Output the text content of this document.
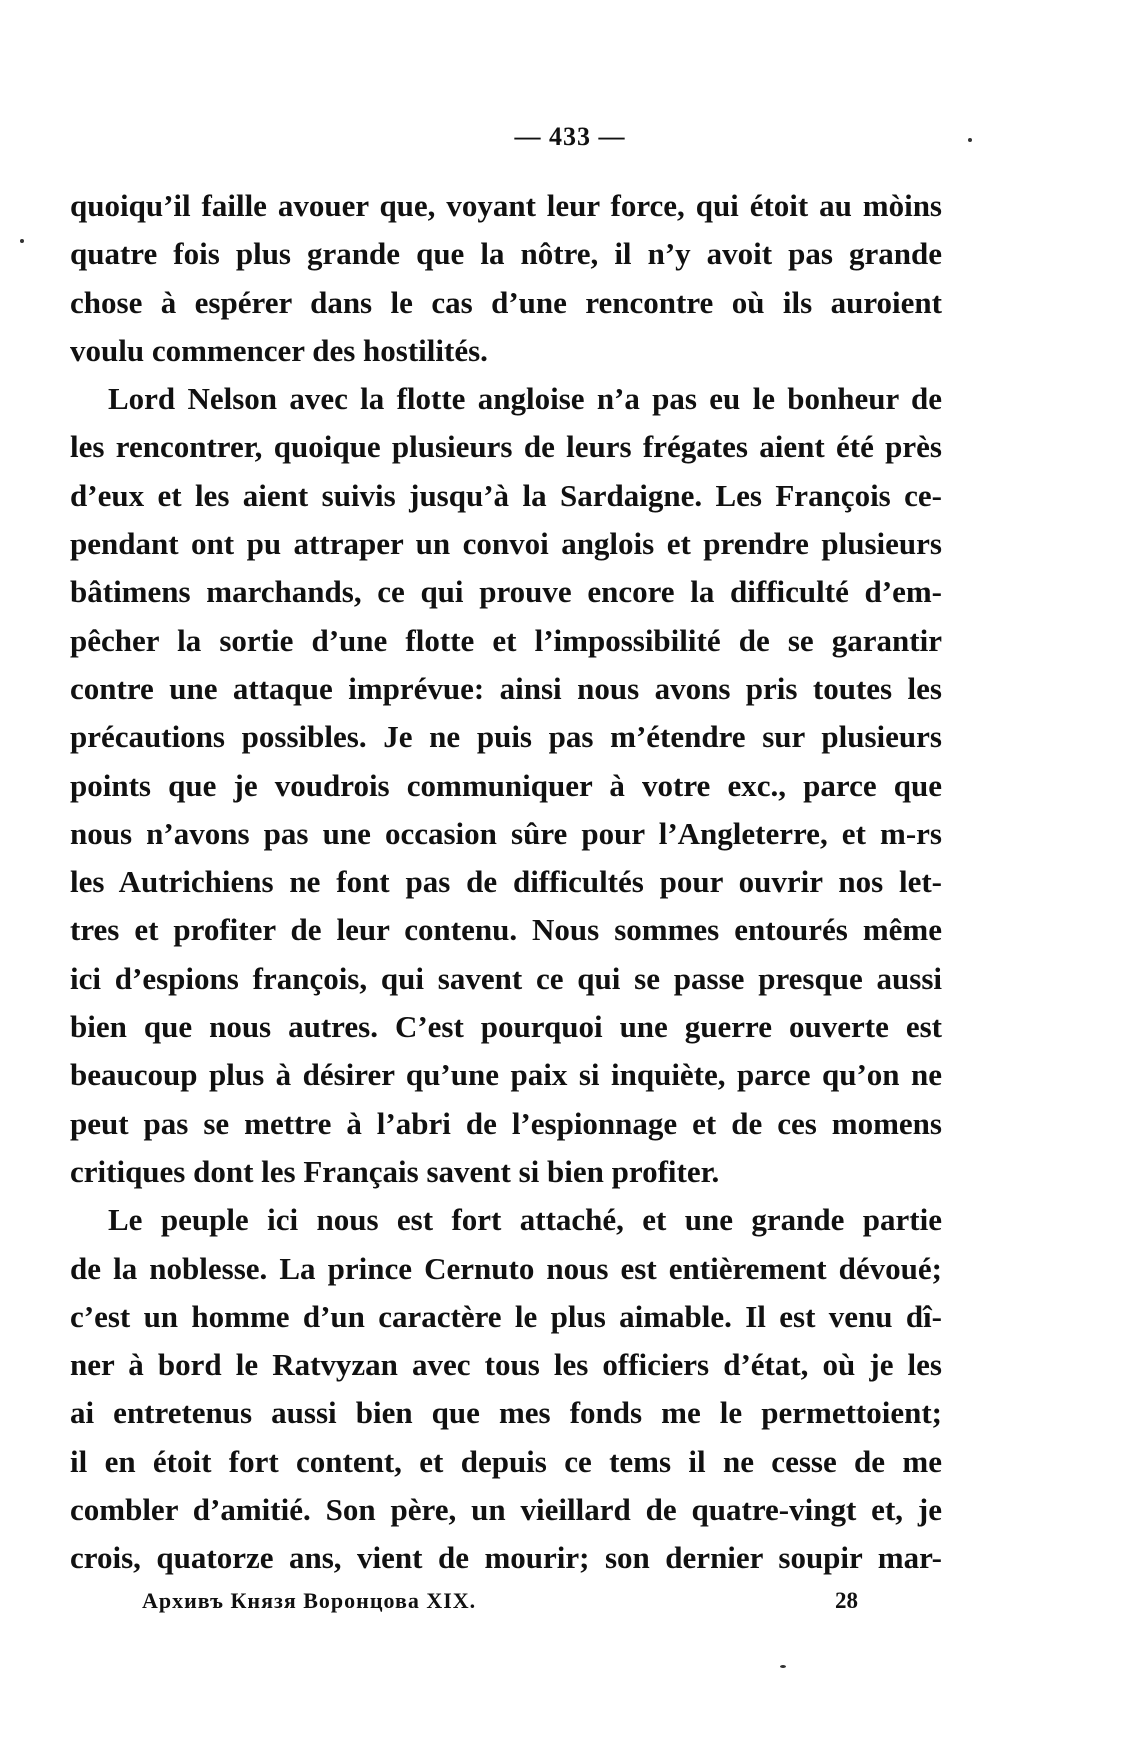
— 433 —
quoiqu’il faille avouer que, voyant leur force, qui étoit au mòins
quatre fois plus grande que la nôtre, il n’y avoit pas grande
chose à espérer dans le cas d’une rencontre où ils auroient
voulu commencer des hostilités.
Lord Nelson avec la flotte angloise n’a pas eu le bonheur de
les rencontrer, quoique plusieurs de leurs frégates aient été près
d’eux et les aient suivis jusqu’à la Sardaigne. Les François ce-
pendant ont pu attraper un convoi anglois et prendre plusieurs
bâtimens marchands, ce qui prouve encore la difficulté d’em-
pêcher la sortie d’une flotte et l’impossibilité de se garantir
contre une attaque imprévue: ainsi nous avons pris toutes les
précautions possibles. Je ne puis pas m’étendre sur plusieurs
points que je voudrois communiquer à votre exc., parce que
nous n’avons pas une occasion sûre pour l’Angleterre, et m-rs
les Autrichiens ne font pas de difficultés pour ouvrir nos let-
tres et profiter de leur contenu. Nous sommes entourés même
ici d’espions françois, qui savent ce qui se passe presque aussi
bien que nous autres. C’est pourquoi une guerre ouverte est
beaucoup plus à désirer qu’une paix si inquiète, parce qu’on ne
peut pas se mettre à l’abri de l’espionnage et de ces momens
critiques dont les Français savent si bien profiter.
Le peuple ici nous est fort attaché, et une grande partie
de la noblesse. La prince Cernuto nous est entièrement dévoué;
c’est un homme d’un caractère le plus aimable. Il est venu dî-
ner à bord le Ratvyzan avec tous les officiers d’état, où je les
ai entretenus aussi bien que mes fonds me le permettoient;
il en étoit fort content, et depuis ce tems il ne cesse de me
combler d’amitié. Son père, un vieillard de quatre-vingt et, je
crois, quatorze ans, vient de mourir; son dernier soupir mar-
Архивъ Князя Воронцова XIX.	28
